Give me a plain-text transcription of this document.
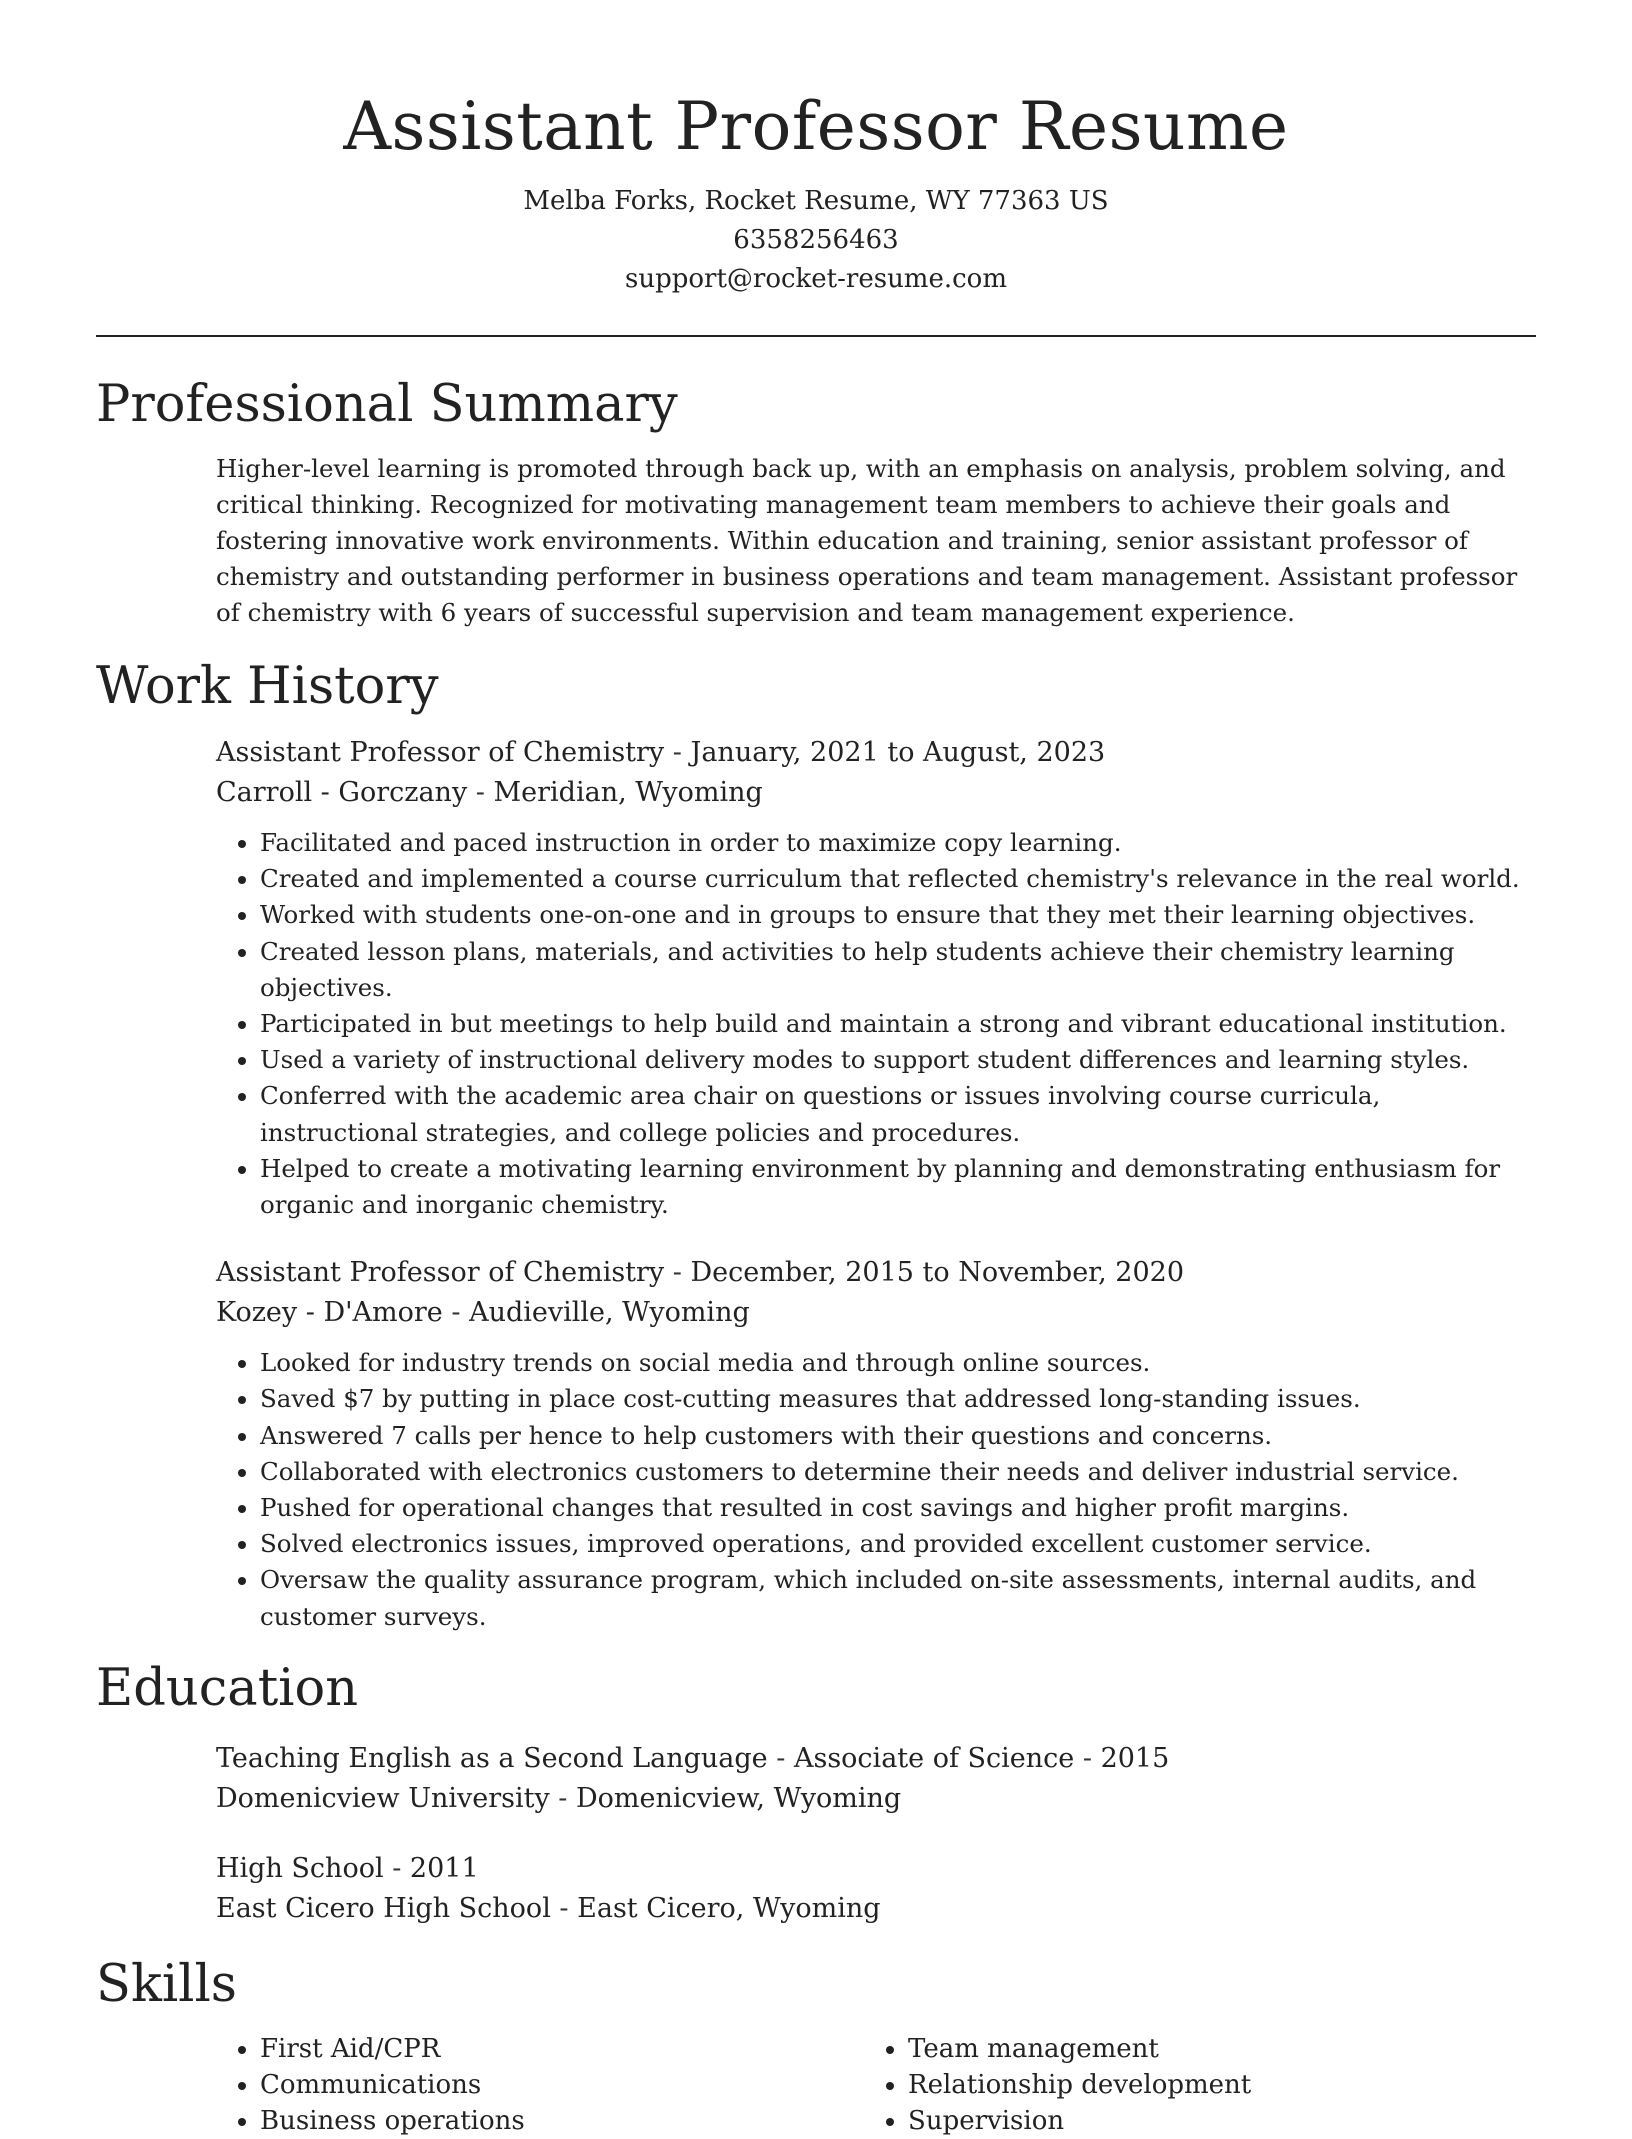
Assistant Professor Resume
Melba Forks, Rocket Resume, WY 77363 US
6358256463
support@rocket-resume.com
Professional Summary

Higher-level learning is promoted through back up, with an emphasis on analysis, problem solving, and critical thinking. Recognized for motivating management team members to achieve their goals and fostering innovative work environments. Within education and training, senior assistant professor of chemistry and outstanding performer in business operations and team management. Assistant professor of chemistry with 6 years of successful supervision and team management experience.

Work History
Assistant Professor of Chemistry - January, 2021 to August, 2023
Carroll - Gorczany - Meridian, Wyoming
• Facilitated and paced instruction in order to maximize copy learning.
• Created and implemented a course curriculum that reflected chemistry's relevance in the real world.
• Worked with students one-on-one and in groups to ensure that they met their learning objectives.
• Created lesson plans, materials, and activities to help students achieve their chemistry learning objectives.
• Participated in but meetings to help build and maintain a strong and vibrant educational institution.
• Used a variety of instructional delivery modes to support student differences and learning styles.
• Conferred with the academic area chair on questions or issues involving course curricula, instructional strategies, and college policies and procedures.
• Helped to create a motivating learning environment by planning and demonstrating enthusiasm for organic and inorganic chemistry.
Assistant Professor of Chemistry - December, 2015 to November, 2020
Kozey - D'Amore - Audieville, Wyoming
• Looked for industry trends on social media and through online sources.
• Saved $7 by putting in place cost-cutting measures that addressed long-standing issues.
• Answered 7 calls per hence to help customers with their questions and concerns.
• Collaborated with electronics customers to determine their needs and deliver industrial service.
• Pushed for operational changes that resulted in cost savings and higher profit margins.
• Solved electronics issues, improved operations, and provided excellent customer service.
• Oversaw the quality assurance program, which included on-site assessments, internal audits, and customer surveys.
Education
Teaching English as a Second Language - Associate of Science - 2015
Domenicview University - Domenicview, Wyoming
High School - 2011
East Cicero High School - East Cicero, Wyoming
Skills
• First Aid/CPR
• Communications
• Business operations
• Team management
• Relationship development
• Supervision
